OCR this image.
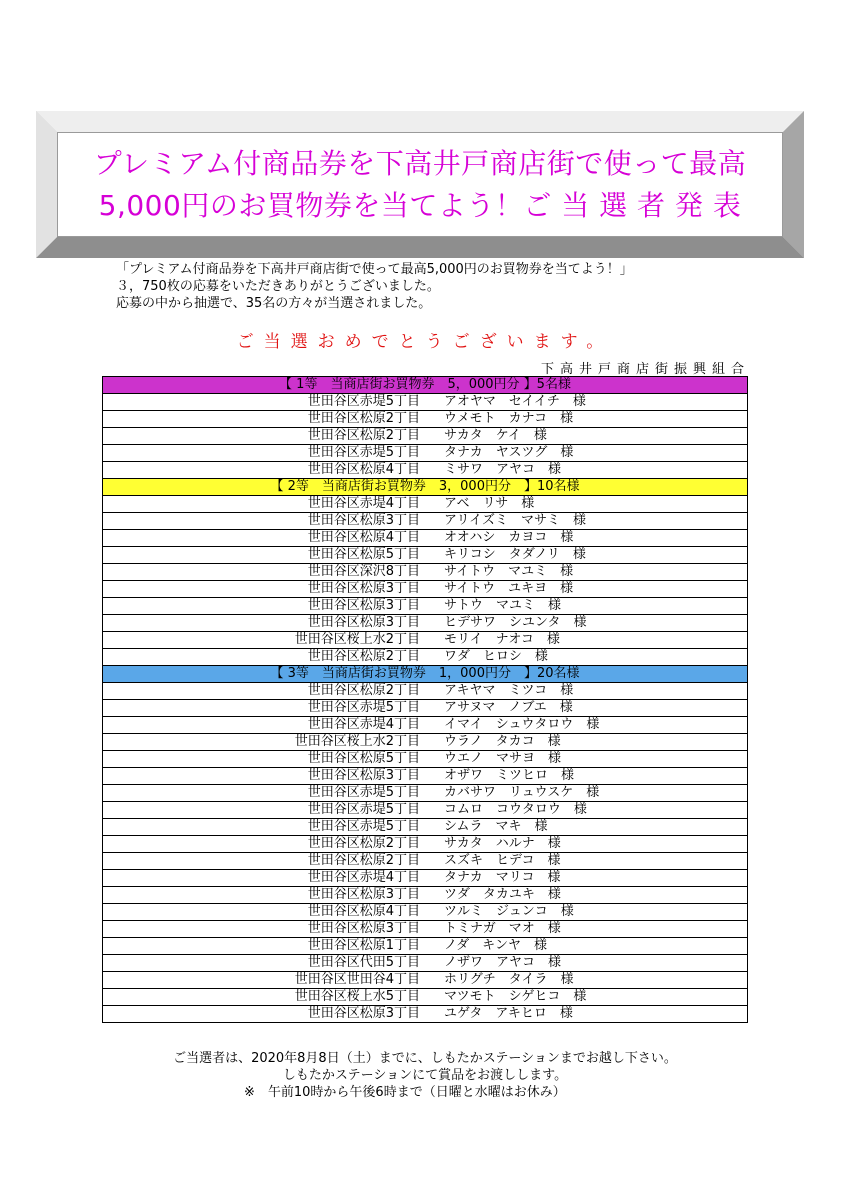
プレミアム付商品券を下高井戸商店街で使って最高
5,000円のお買物券を当てよう！ご 当 選 者 発 表
「プレミアム付商品券を下高井戸商店街で使って最高5,000円のお買物券を当てよう！」
３，750枚の応募をいただきありがとうございました。
応募の中から抽選で、35名の方々が当選されました。
ご当選おめでとうございます。
下高井戸商店街振興組合
【 1等　当商店街お買物券　5，000円分 】5名様
世田谷区赤堤5丁目 アオヤマ　セイイチ　様
世田谷区松原2丁目 ウメモト　カナコ　様
世田谷区松原2丁目 サカタ　ケイ　様
世田谷区赤堤5丁目 タナカ　ヤスツグ　様
世田谷区松原4丁目 ミサワ　アヤコ　様
【 2等　当商店街お買物券　3，000円分　】10名様
世田谷区赤堤4丁目 アベ　リサ　様
世田谷区松原3丁目 アリイズミ　マサミ　様
世田谷区松原4丁目 オオハシ　カヨコ　様
世田谷区松原5丁目 キリコシ　タダノリ　様
世田谷区深沢8丁目 サイトウ　マユミ　様
世田谷区松原3丁目 サイトウ　ユキヨ　様
世田谷区松原3丁目 サトウ　マユミ　様
世田谷区松原3丁目 ヒデサワ　シユンタ　様
世田谷区桜上水2丁目 モリイ　ナオコ　様
世田谷区松原2丁目 ワダ　ヒロシ　様
【 3等　当商店街お買物券　1，000円分　】20名様
世田谷区松原2丁目 アキヤマ　ミツコ　様
世田谷区赤堤5丁目 アサヌマ　ノブエ　様
世田谷区赤堤4丁目 イマイ　シュウタロウ　様
世田谷区桜上水2丁目 ウラノ　タカコ　様
世田谷区松原5丁目 ウエノ　マサヨ　様
世田谷区松原3丁目 オザワ　ミツヒロ　様
世田谷区赤堤5丁目 カバサワ　リュウスケ　様
世田谷区赤堤5丁目 コムロ　コウタロウ　様
世田谷区赤堤5丁目 シムラ　マキ　様
世田谷区松原2丁目 サカタ　ハルナ　様
世田谷区松原2丁目 スズキ　ヒデコ　様
世田谷区赤堤4丁目 タナカ　マリコ　様
世田谷区松原3丁目 ツダ　タカユキ　様
世田谷区松原4丁目 ツルミ　ジュンコ　様
世田谷区松原3丁目 トミナガ　マオ　様
世田谷区松原1丁目 ノダ　キンヤ　様
世田谷区代田5丁目 ノザワ　アヤコ　様
世田谷区世田谷4丁目 ホリグチ　タイラ　様
世田谷区桜上水5丁目 マツモト　シゲヒコ　様
世田谷区松原3丁目 ユゲタ　アキヒロ　様
ご当選者は、2020年8月8日（土）までに、しもたかステーションまでお越し下さい。
しもたかステーションにて賞品をお渡しします。
※　午前10時から午後6時まで（日曜と水曜はお休み）
